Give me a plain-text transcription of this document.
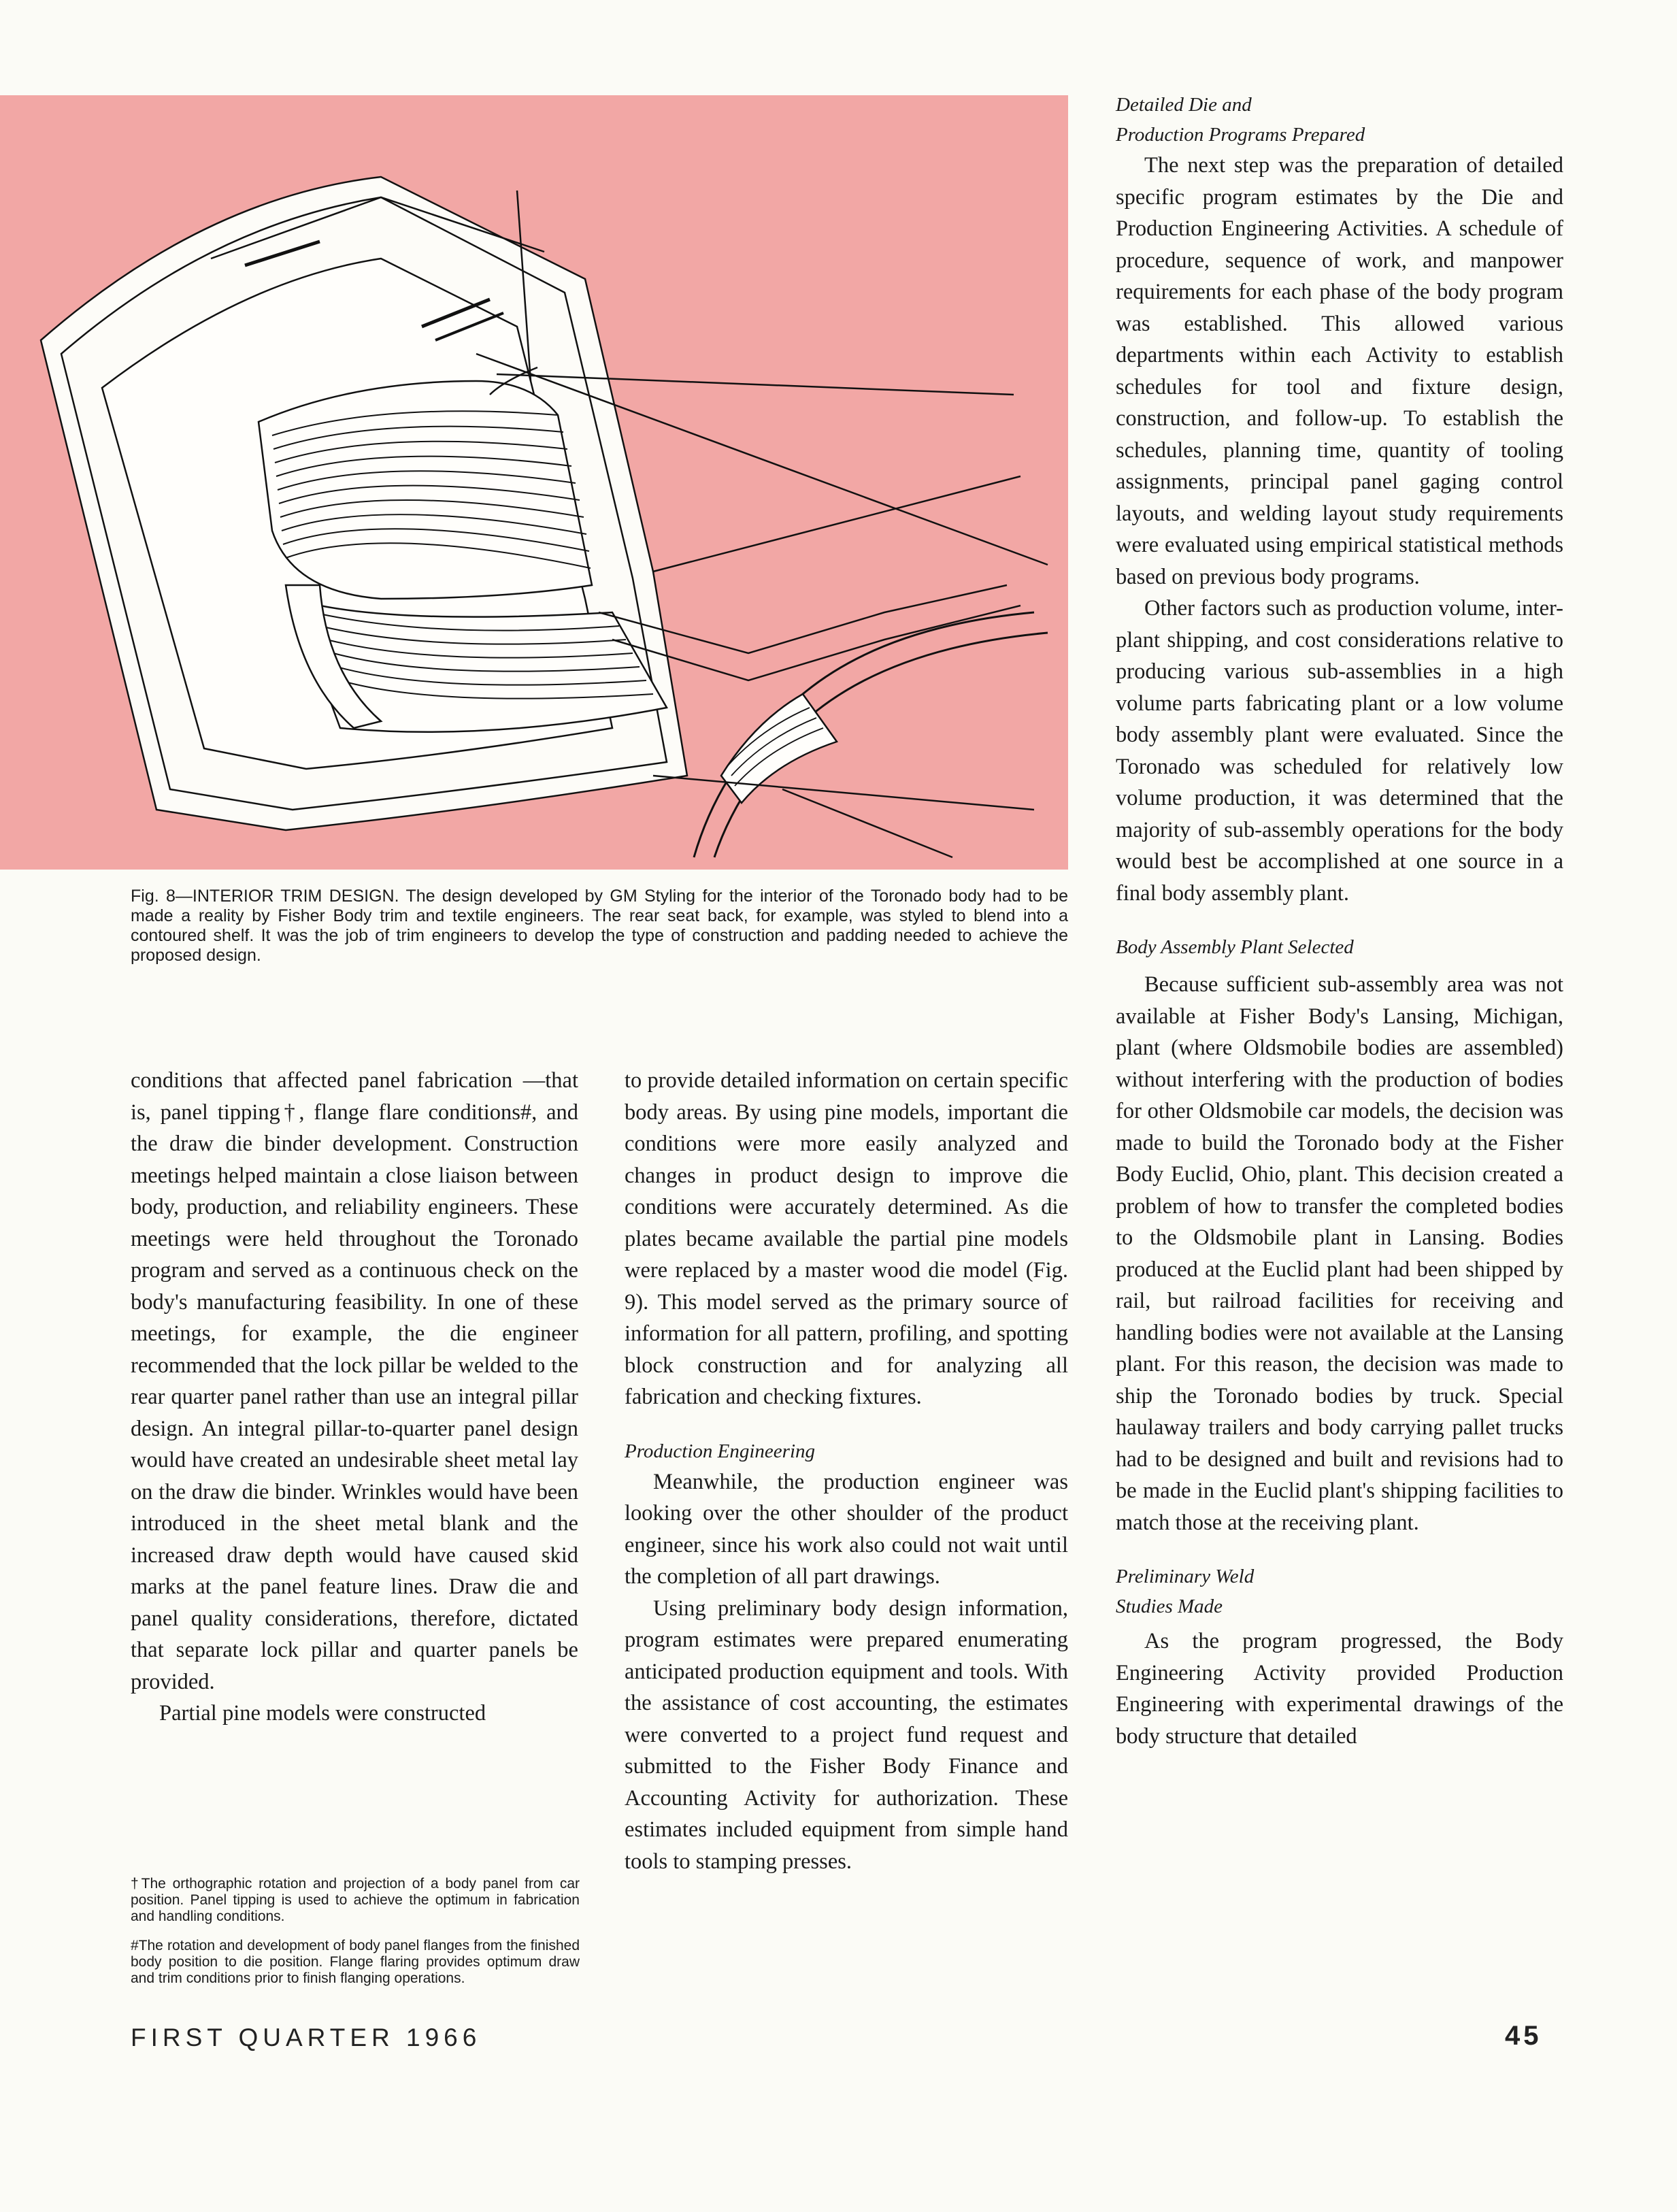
Fig. 8—INTERIOR TRIM DESIGN. The design developed by GM Styling for the interior of the Toronado body had to be made a reality by Fisher Body trim and textile engineers. The rear seat back, for example, was styled to blend into a contoured shelf. It was the job of trim engineers to develop the type of construction and padding needed to achieve the proposed design.

conditions that affected panel fabrication —that is, panel tipping†, flange flare conditions#, and the draw die binder development. Construction meetings helped maintain a close liaison between body, production, and reliability engineers. These meetings were held throughout the Toronado program and served as a continuous check on the body's manufacturing feasibility. In one of these meetings, for example, the die engineer recommended that the lock pillar be welded to the rear quarter panel rather than use an integral pillar design. An integral pillar-to-quarter panel design would have created an undesirable sheet metal lay on the draw die binder. Wrinkles would have been introduced in the sheet metal blank and the increased draw depth would have caused skid marks at the panel feature lines. Draw die and panel quality considerations, therefore, dictated that separate lock pillar and quarter panels be provided.

Partial pine models were constructed

†The orthographic rotation and projection of a body panel from car position. Panel tipping is used to achieve the optimum in fabrication and handling conditions.
#The rotation and development of body panel flanges from the finished body position to die position. Flange flaring provides optimum draw and trim conditions prior to finish flanging operations.

to provide detailed information on certain specific body areas. By using pine models, important die conditions were more easily analyzed and changes in product design to improve die conditions were accurately determined. As die plates became available the partial pine models were replaced by a master wood die model (Fig. 9). This model served as the primary source of information for all pattern, profiling, and spotting block construction and for analyzing all fabrication and checking fixtures.

Production Engineering

Meanwhile, the production engineer was looking over the other shoulder of the product engineer, since his work also could not wait until the completion of all part drawings.

Using preliminary body design information, program estimates were prepared enumerating anticipated production equipment and tools. With the assistance of cost accounting, the estimates were converted to a project fund request and submitted to the Fisher Body Finance and Accounting Activity for authorization. These estimates included equipment from simple hand tools to stamping presses.

Detailed Die and
Production Programs Prepared

The next step was the preparation of detailed specific program estimates by the Die and Production Engineering Activities. A schedule of procedure, sequence of work, and manpower requirements for each phase of the body program was established. This allowed various departments within each Activity to establish schedules for tool and fixture design, construction, and follow-up. To establish the schedules, planning time, quantity of tooling assignments, principal panel gaging control layouts, and welding layout study requirements were evaluated using empirical statistical methods based on previous body programs.

Other factors such as production volume, inter-plant shipping, and cost considerations relative to producing various sub-assemblies in a high volume parts fabricating plant or a low volume body assembly plant were evaluated. Since the Toronado was scheduled for relatively low volume production, it was determined that the majority of sub-assembly operations for the body would best be accomplished at one source in a final body assembly plant.

Body Assembly Plant Selected

Because sufficient sub-assembly area was not available at Fisher Body's Lansing, Michigan, plant (where Oldsmobile bodies are assembled) without interfering with the production of bodies for other Oldsmobile car models, the decision was made to build the Toronado body at the Fisher Body Euclid, Ohio, plant. This decision created a problem of how to transfer the completed bodies to the Oldsmobile plant in Lansing. Bodies produced at the Euclid plant had been shipped by rail, but railroad facilities for receiving and handling bodies were not available at the Lansing plant. For this reason, the decision was made to ship the Toronado bodies by truck. Special haulaway trailers and body carrying pallet trucks had to be designed and built and revisions had to be made in the Euclid plant's shipping facilities to match those at the receiving plant.

Preliminary Weld
Studies Made

As the program progressed, the Body Engineering Activity provided Production Engineering with experimental drawings of the body structure that detailed

FIRST QUARTER 1966	45
